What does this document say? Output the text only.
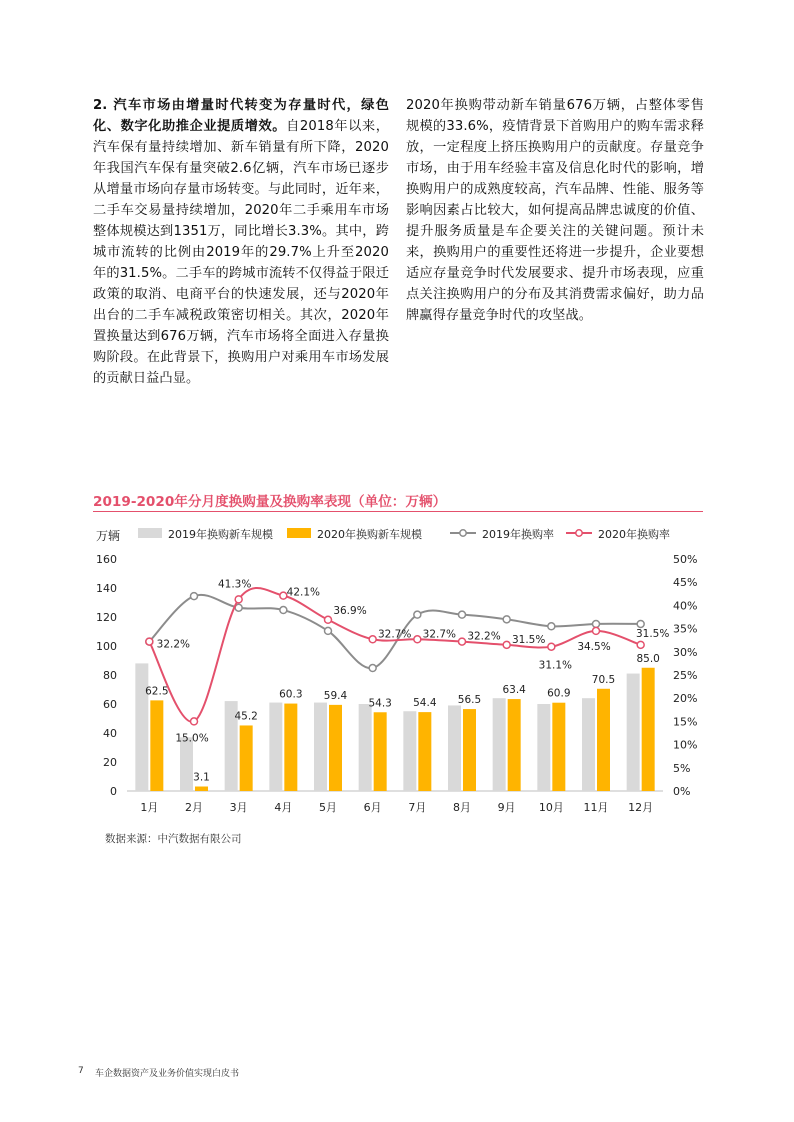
2. 汽车市场由增量时代转变为存量时代，绿色化、数字化助推企业提质增效。自2018年以来，汽车保有量持续增加、新车销量有所下降，2020年我国汽车保有量突破2.6亿辆，汽车市场已逐步从增量市场向存量市场转变。与此同时，近年来，二手车交易量持续增加，2020年二手乘用车市场整体规模达到1351万，同比增长3.3%。其中，跨城市流转的比例由2019年的29.7%上升至2020年的31.5%。二手车的跨城市流转不仅得益于限迁政策的取消、电商平台的快速发展，还与2020年出台的二手车减税政策密切相关。其次，2020年置换量达到676万辆，汽车市场将全面进入存量换购阶段。在此背景下，换购用户对乘用车市场发展的贡献日益凸显。
2020年换购带动新车销量676万辆，占整体零售规模的33.6%，疫情背景下首购用户的购车需求释放，一定程度上挤压换购用户的贡献度。存量竞争市场，由于用车经验丰富及信息化时代的影响，增换购用户的成熟度较高，汽车品牌、性能、服务等影响因素占比较大，如何提高品牌忠诚度的价值、提升服务质量是车企要关注的关键问题。预计未来，换购用户的重要性还将进一步提升，企业要想适应存量竞争时代发展要求、提升市场表现，应重点关注换购用户的分布及其消费需求偏好，助力品牌赢得存量竞争时代的攻坚战。
2019-2020年分月度换购量及换购率表现（单位：万辆）
2019年换购新车规模	2020年换购新车规模	2019年换购率	2020年换购率
万辆
0
20
40
60
80
100
120
140
160
0%
5%
10%
15%
20%
25%
30%
35%
40%
45%
50%
1月 2月 3月 4月 5月 6月 7月 8月 9月 10月 11月 12月
62.5
3.1
45.2
60.3 59.4
54.3 54.4 56.5
63.4 60.9
70.5
85.0
32.2%
15.0%
41.3%
42.1%
36.9%
32.7% 32.7% 32.2% 31.5%
31.1%
34.5%
31.5%
数据来源：中汽数据有限公司
7 车企数据资产及业务价值实现白皮书
